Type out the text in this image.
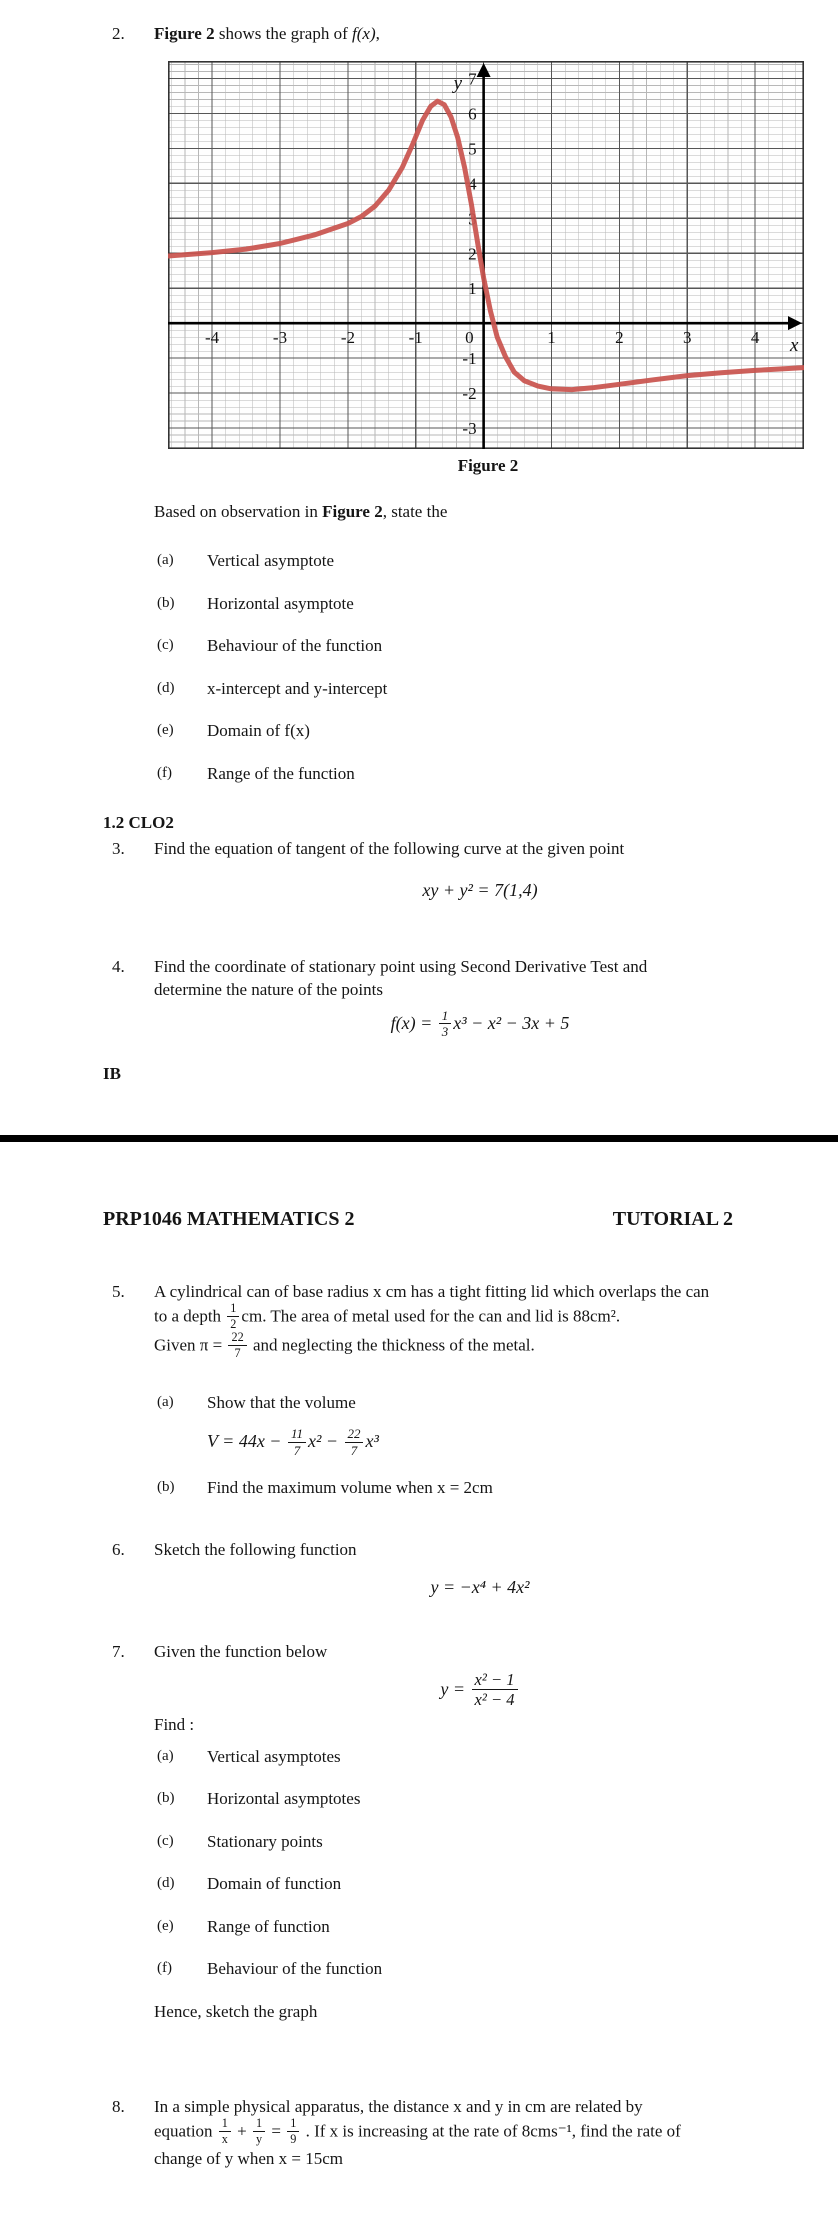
2.	Figure 2 shows the graph of f(x),
-4	-3	-2	-1	1	2	3	4
0
7
6
5
4
3
2
1
-1
-2
-3
y
x
Figure 2

Based on observation in Figure 2, state the

(a)	Vertical asymptote
(b)	Horizontal asymptote
(c)	Behaviour of the function
(d)	x-intercept and y-intercept
(e)	Domain of f(x)
(f)	Range of the function
1.2 CLO2
3.	Find the equation of tangent of the following curve at the given point
xy + y² = 7(1,4)
4.	Find the coordinate of stationary point using Second Derivative Test and
determine the nature of the points
$f(x) = \frac{1}{3} x^3 - x^2 - 3x + 5$
IB
PRP1046 MATHEMATICS 2	TUTORIAL 2
5.	A cylindrical can of base radius x cm has a tight fitting lid which overlaps the can
to a depth $\frac{1}{2}$ cm. The area of metal used for the can and lid is 88cm².
Given $\pi = \frac{22}{7}$ and neglecting the thickness of the metal.
(a)	Show that the volume
$V = 44x - \frac{11}{7} x^2 - \frac{22}{7} x^3$
(b)	Find the maximum volume when x = 2cm
6.	Sketch the following function
y = −x⁴ + 4x²
7.	Given the function below
$y = \frac{\text{x² − 1}}{\text{x² − 4}}$
Find :
(a)	Vertical asymptotes
(b)	Horizontal asymptotes
(c)	Stationary points
(d)	Domain of function
(e)	Range of function
(f)	Behaviour of the function
Hence, sketch the graph
8.	In a simple physical apparatus, the distance x and y in cm are related by
equation $\frac{1}{x} + \frac{1}{y} = \frac{1}{9}$ . If x is increasing at the rate of 8cms⁻¹, find the rate of
change of y when x = 15cm
